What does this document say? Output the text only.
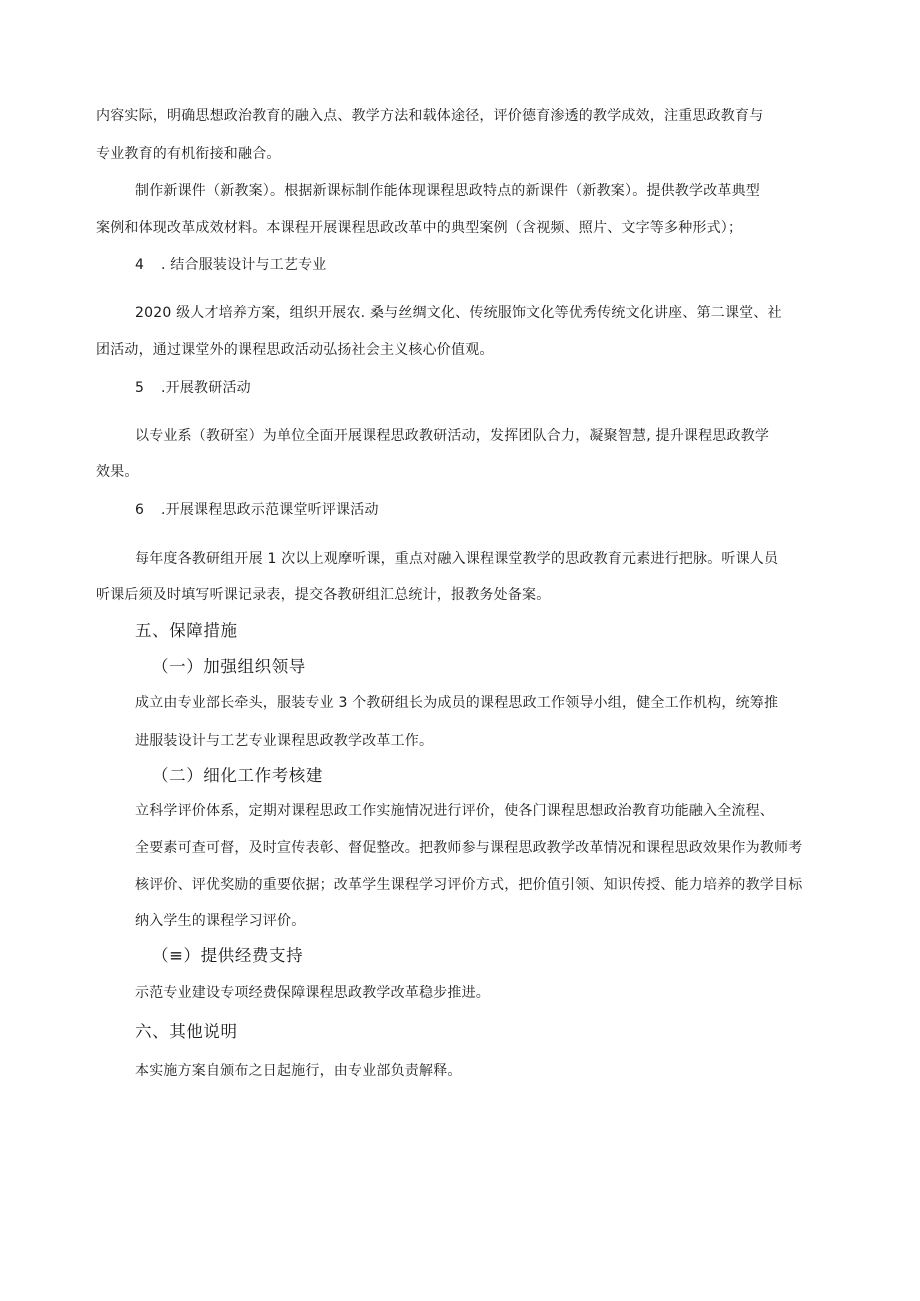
内容实际，明确思想政治教育的融入点、教学方法和载体途径，评价德育渗透的教学成效，注重思政教育与
专业教育的有机衔接和融合。
制作新课件（新教案）。根据新课标制作能体现课程思政特点的新课件（新教案）。提供教学改革典型
案例和体现改革成效材料。本课程开展课程思政改革中的典型案例（含视频、照片、文字等多种形式）；
4 . 结合服装设计与工艺专业
2020 级人才培养方案，组织开展农. 桑与丝绸文化、传统服饰文化等优秀传统文化讲座、第二课堂、社
团活动，通过课堂外的课程思政活动弘扬社会主义核心价值观。
5 .开展教研活动
以专业系（教研室）为单位全面开展课程思政教研活动，发挥团队合力，凝聚智慧, 提升课程思政教学
效果。
6 .开展课程思政示范课堂听评课活动
每年度各教研组开展 1 次以上观摩听课，重点对融入课程课堂教学的思政教育元素进行把脉。听课人员
听课后须及时填写听课记录表，提交各教研组汇总统计，报教务处备案。
五、保障措施
（一）加强组织领导
成立由专业部长牵头，服装专业 3 个教研组长为成员的课程思政工作领导小组，健全工作机构，统筹推
进服装设计与工艺专业课程思政教学改革工作。
（二）细化工作考核建
立科学评价体系，定期对课程思政工作实施情况进行评价，使各门课程思想政治教育功能融入全流程、
全要素可查可督，及时宣传表彰、督促整改。把教师参与课程思政教学改革情况和课程思政效果作为教师考
核评价、评优奖励的重要依据；改革学生课程学习评价方式，把价值引领、知识传授、能力培养的教学目标
纳入学生的课程学习评价。
（≡）提供经费支持
示范专业建设专项经费保障课程思政教学改革稳步推进。
六、其他说明
本实施方案自颁布之日起施行，由专业部负责解释。
